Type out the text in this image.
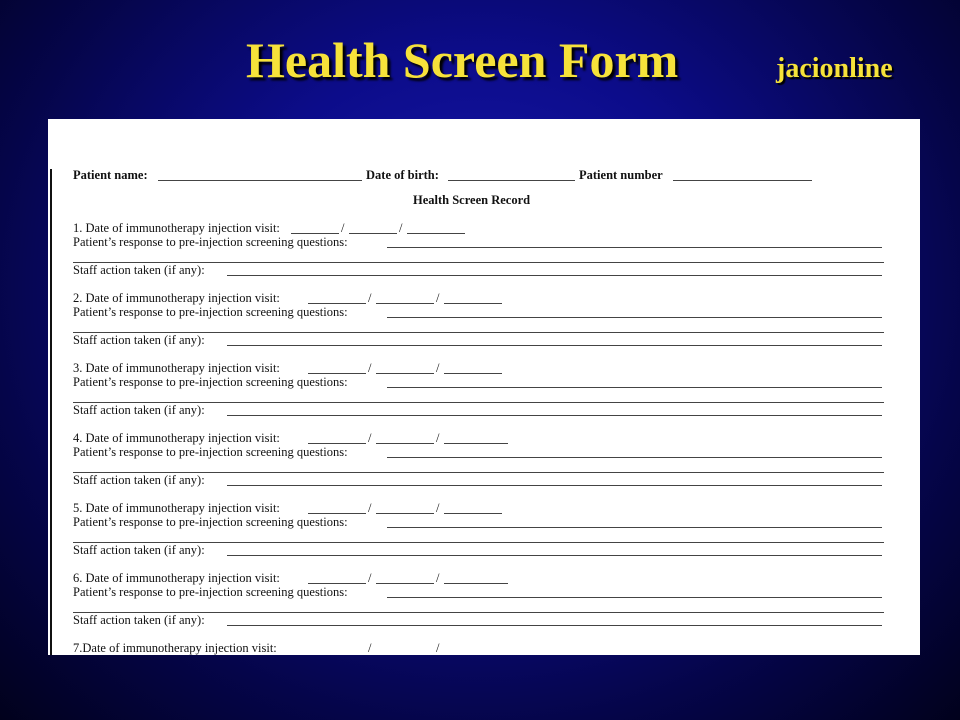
Health Screen Form	jacionline
Patient name:	Date of birth:	Patient number
Health Screen Record
1. Date of immunotherapy injection visit:	/	/
Patient’s response to pre-injection screening questions:
Staff action taken (if any):
2. Date of immunotherapy injection visit:	/	/
Patient’s response to pre-injection screening questions:
Staff action taken (if any):
3. Date of immunotherapy injection visit:	/	/
Patient’s response to pre-injection screening questions:
Staff action taken (if any):
4. Date of immunotherapy injection visit:	/	/
Patient’s response to pre-injection screening questions:
Staff action taken (if any):
5. Date of immunotherapy injection visit:	/	/
Patient’s response to pre-injection screening questions:
Staff action taken (if any):
6. Date of immunotherapy injection visit:	/	/
Patient’s response to pre-injection screening questions:
Staff action taken (if any):
7.Date of immunotherapy injection visit:	/	/
